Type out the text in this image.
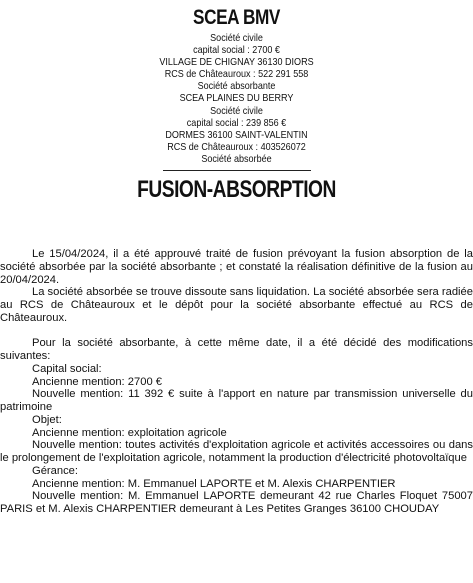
SCEA BMV
Société civile
capital social : 2700 €
VILLAGE DE CHIGNAY 36130 DIORS
RCS de Châteauroux : 522 291 558
Société absorbante
SCEA PLAINES DU BERRY
Société civile
capital social : 239 856 €
DORMES 36100 SAINT-VALENTIN
RCS de Châteauroux : 403526072
Société absorbée
FUSION-ABSORPTION

Le 15/04/2024, il a été approuvé traité de fusion prévoyant la fusion absorption de la société absorbée par la société absorbante ; et constaté la réalisation définitive de la fusion au 20/04/2024.

La société absorbée se trouve dissoute sans liquidation. La société absorbée sera radiée au RCS de Châteauroux et le dépôt pour la société absorbante effectué au RCS de Châteauroux.

Pour la société absorbante, à cette même date, il a été décidé des modifications suivantes:

Capital social:
Ancienne mention: 2700 €

Nouvelle mention: 11 392 € suite à l'apport en nature par transmission universelle du patrimoine

Objet:
Ancienne mention: exploitation agricole

Nouvelle mention: toutes activités d'exploitation agricole et activités accessoires ou dans le prolongement de l'exploitation agricole, notamment la production d'électricité photovoltaïque

Gérance:
Ancienne mention: M. Emmanuel LAPORTE et M. Alexis CHARPENTIER

Nouvelle mention: M. Emmanuel LAPORTE demeurant 42 rue Charles Floquet 75007 PARIS et M. Alexis CHARPENTIER demeurant à Les Petites Granges 36100 CHOUDAY
